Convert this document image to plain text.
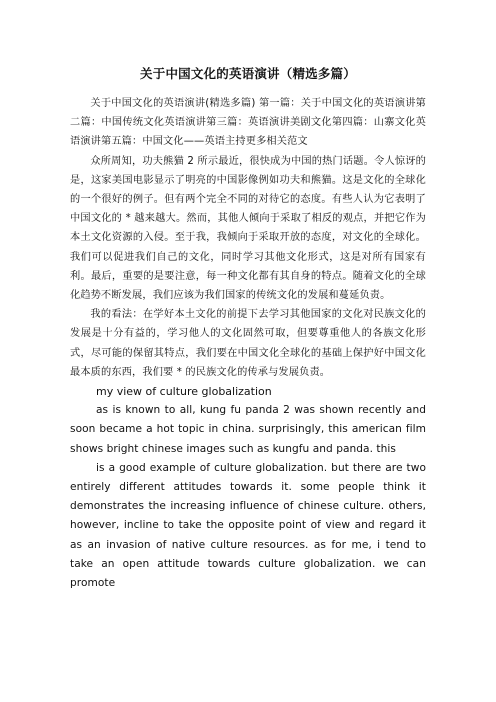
关于中国文化的英语演讲（精选多篇）

关于中国文化的英语演讲(精选多篇) 第一篇：关于中国文化的英语演讲第二篇：中国传统文化英语演讲第三篇：英语演讲美剧文化第四篇：山寨文化英语演讲第五篇：中国文化——英语主持更多相关范文

众所周知，功夫熊猫 2 所示最近，很快成为中国的热门话题。令人惊讶的是，这家美国电影显示了明亮的中国影像例如功夫和熊猫。这是文化的全球化的一个很好的例子。但有两个完全不同的对待它的态度。有些人认为它表明了中国文化的 * 越来越大。然而，其他人倾向于采取了相反的观点，并把它作为本土文化资源的入侵。至于我，我倾向于采取开放的态度，对文化的全球化。我们可以促进我们自己的文化，同时学习其他文化形式，这是对所有国家有利。最后，重要的是要注意，每一种文化都有其自身的特点。随着文化的全球化趋势不断发展，我们应该为我们国家的传统文化的发展和蔓延负责。

我的看法：在学好本土文化的前提下去学习其他国家的文化对民族文化的发展是十分有益的，学习他人的文化固然可取，但要尊重他人的各族文化形式，尽可能的保留其特点，我们要在中国文化全球化的基础上保护好中国文化最本质的东西，我们要 * 的民族文化的传承与发展负责。

my view of culture globalization

as is known to all, kung fu panda 2 was shown recently and soon became a hot topic in china. surprisingly, this american film shows bright chinese images such as kungfu and panda. this

is a good example of culture globalization. but there are two entirely different attitudes towards it. some people think it demonstrates the increasing influence of chinese culture. others, however, incline to take the opposite point of view and regard it as an invasion of native culture resources. as for me, i tend to take an open attitude towards culture globalization. we can promote
